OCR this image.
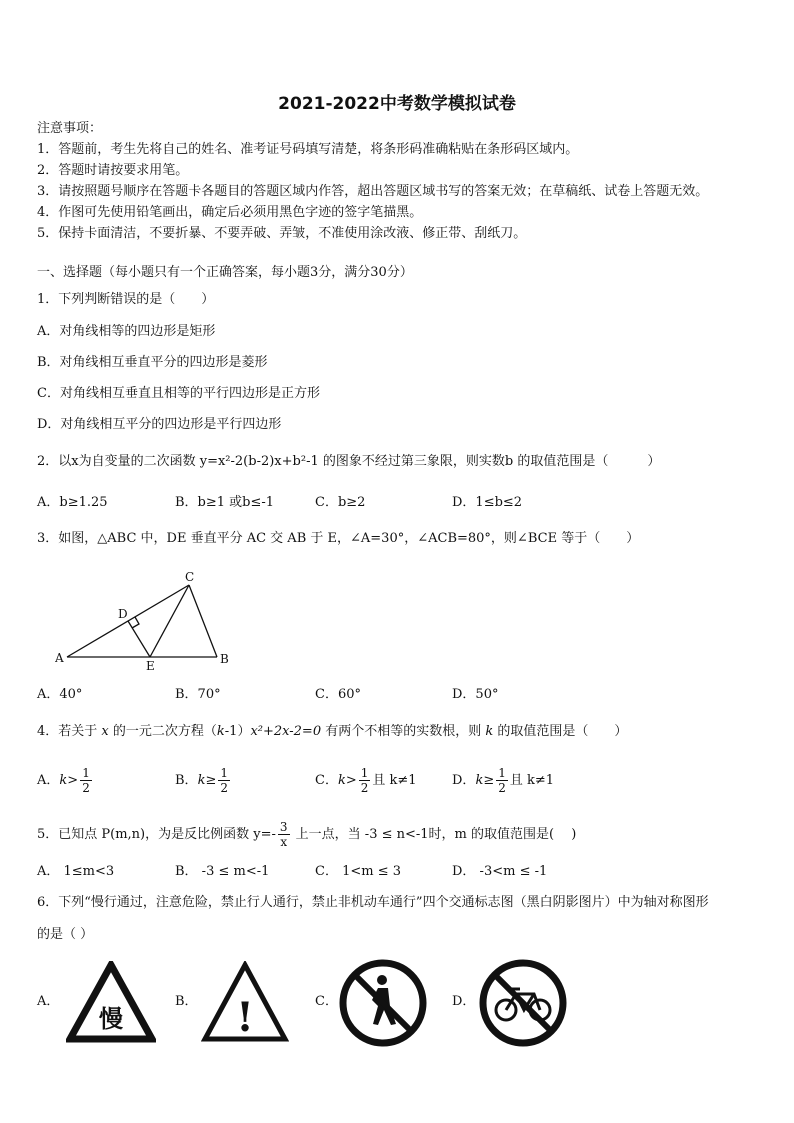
2021-2022中考数学模拟试卷
注意事项：
1．答题前，考生先将自己的姓名、准考证号码填写清楚，将条形码准确粘贴在条形码区域内。
2．答题时请按要求用笔。
3．请按照题号顺序在答题卡各题目的答题区域内作答，超出答题区域书写的答案无效；在草稿纸、试卷上答题无效。
4．作图可先使用铅笔画出，确定后必须用黑色字迹的签字笔描黑。
5．保持卡面清洁，不要折暴、不要弄破、弄皱，不准使用涂改液、修正带、刮纸刀。
一、选择题（每小题只有一个正确答案，每小题3分，满分30分）
1．下列判断错误的是（　　）
A．对角线相等的四边形是矩形
B．对角线相互垂直平分的四边形是菱形
C．对角线相互垂直且相等的平行四边形是正方形
D．对角线相互平分的四边形是平行四边形
2．以x为自变量的二次函数 y=x²-2(b-2)x+b²-1 的图象不经过第三象限，则实数b 的取值范围是（　　　）
A．b≥1.25	B．b≥1 或b≤-1	C．b≥2	D．1≤b≤2
3．如图，△ABC 中，DE 垂直平分 AC 交 AB 于 E，∠A=30°，∠ACB=80°，则∠BCE 等于（　　）
A	B
C
D
E
A．40°	B．70°	C．60°	D．50°
4．若关于 x 的一元二次方程（k-1）x²+2x-2=0 有两个不相等的实数根，则 k 的取值范围是（　　）
A．$k> \frac{1}{2}$	B．$k\ge \frac{1}{2}$	C．$k> \frac{1}{2}$ 且 k≠1	D．$k\ge \frac{1}{2}$ 且 k≠1
5．已知点 P(m,n)，为是反比例函数 $y=- \frac{3}{x}$ 上一点，当 -3 ≤ n<-1时，m 的取值范围是(　 )
A． 1≤m<3	B． -3 ≤ m<-1	C． 1<m ≤ 3	D． -3<m ≤ -1
6．下列“慢行通过，注意危险，禁止行人通行，禁止非机动车通行”四个交通标志图（黑白阴影图片）中为轴对称图形
的是（ ）
A．
慢
B． !	C．	D．
